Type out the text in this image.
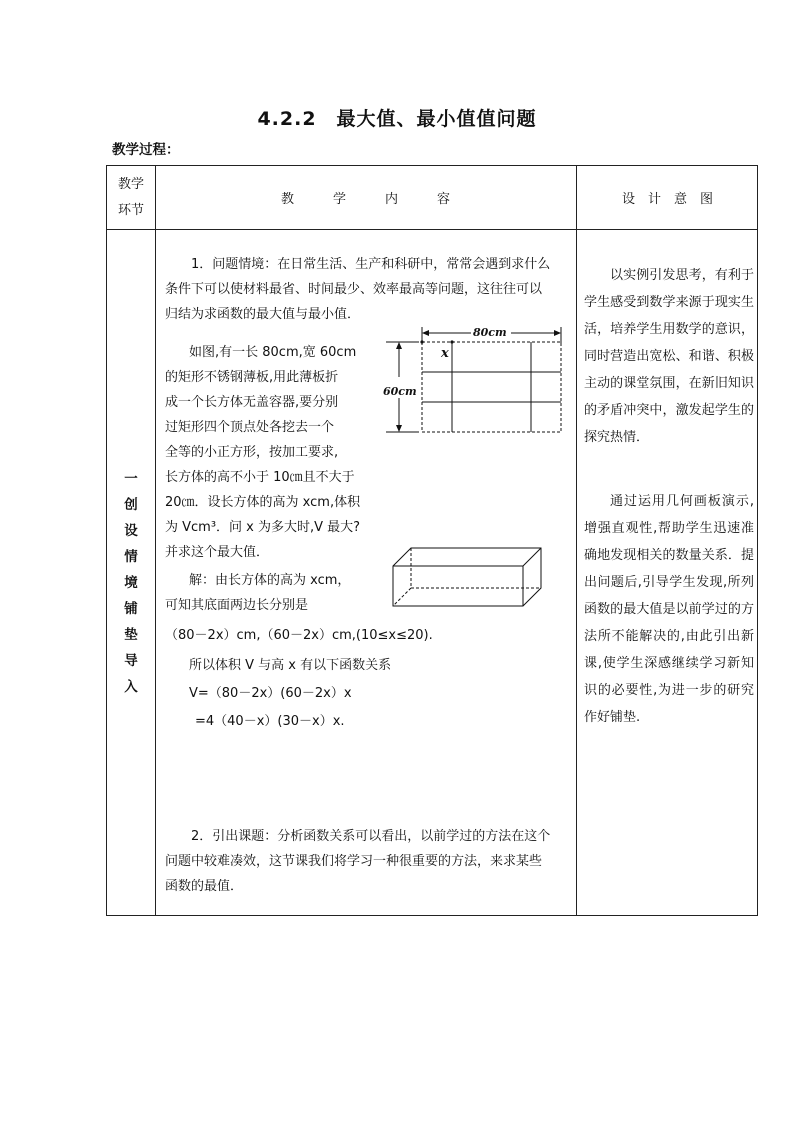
4.2.2　最大值、最小值值问题
教学过程：
教学
环节
教　　　学　　　内　　　容	设　计　意　图
一
创
设
情
境
铺
垫
导
入

1．问题情境：在日常生活、生产和科研中，常常会遇到求什么

条件下可以使材料最省、时间最少、效率最高等问题，这往往可以

归结为求函数的最大值与最小值．

如图,有一长 80cm,宽 60cm

的矩形不锈钢薄板,用此薄板折

成一个长方体无盖容器,要分别

过矩形四个顶点处各挖去一个

全等的小正方形，按加工要求,

长方体的高不小于 10㎝且不大于

20㎝．设长方体的高为 xcm,体积

为 Vcm³．问 x 为多大时,V 最大?

并求这个最大值．

解：由长方体的高为 xcm，

可知其底面两边长分别是

（80－2x）cm,（60－2x）cm,(10≤x≤20).

所以体积 V 与高 x 有以下函数关系

V=（80－2x）(60－2x）x

=4（40－x）(30－x）x.

2．引出课题：分析函数关系可以看出，以前学过的方法在这个

问题中较难凑效，这节课我们将学习一种很重要的方法，来求某些

函数的最值．

80cm
60cm
x

以实例引发思考，有利于学生感受到数学来源于现实生活，培养学生用数学的意识，同时营造出宽松、和谐、积极主动的课堂氛围，在新旧知识的矛盾冲突中，激发起学生的探究热情．

通过运用几何画板演示,增强直观性,帮助学生迅速准确地发现相关的数量关系．提出问题后,引导学生发现,所列函数的最大值是以前学过的方法所不能解决的,由此引出新课,使学生深感继续学习新知识的必要性,为进一步的研究作好铺垫.
